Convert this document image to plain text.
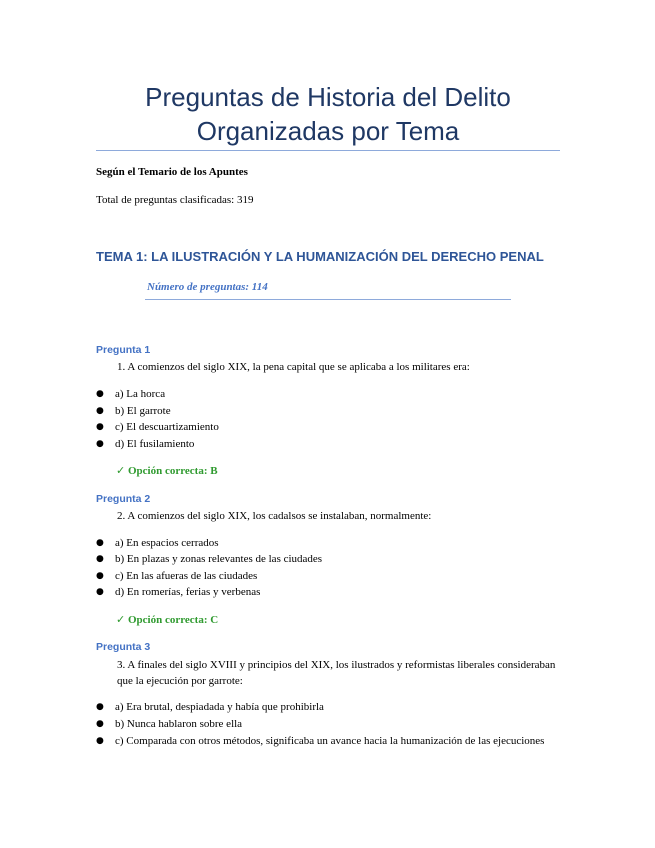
Preguntas de Historia del Delito
Organizadas por Tema
Según el Temario de los Apuntes
Total de preguntas clasificadas: 319
TEMA 1: LA ILUSTRACIÓN Y LA HUMANIZACIÓN DEL DERECHO PENAL
Número de preguntas: 114
Pregunta 1
1. A comienzos del siglo XIX, la pena capital que se aplicaba a los militares era:
● a) La horca
● b) El garrote
● c) El descuartizamiento
● d) El fusilamiento
✓ Opción correcta: B
Pregunta 2
2. A comienzos del siglo XIX, los cadalsos se instalaban, normalmente:
● a) En espacios cerrados
● b) En plazas y zonas relevantes de las ciudades
● c) En las afueras de las ciudades
● d) En romerías, ferias y verbenas
✓ Opción correcta: C
Pregunta 3
3. A finales del siglo XVIII y principios del XIX, los ilustrados y reformistas liberales consideraban que la ejecución por garrote:
● a) Era brutal, despiadada y había que prohibirla
● b) Nunca hablaron sobre ella
● c) Comparada con otros métodos, significaba un avance hacia la humanización de las ejecuciones
